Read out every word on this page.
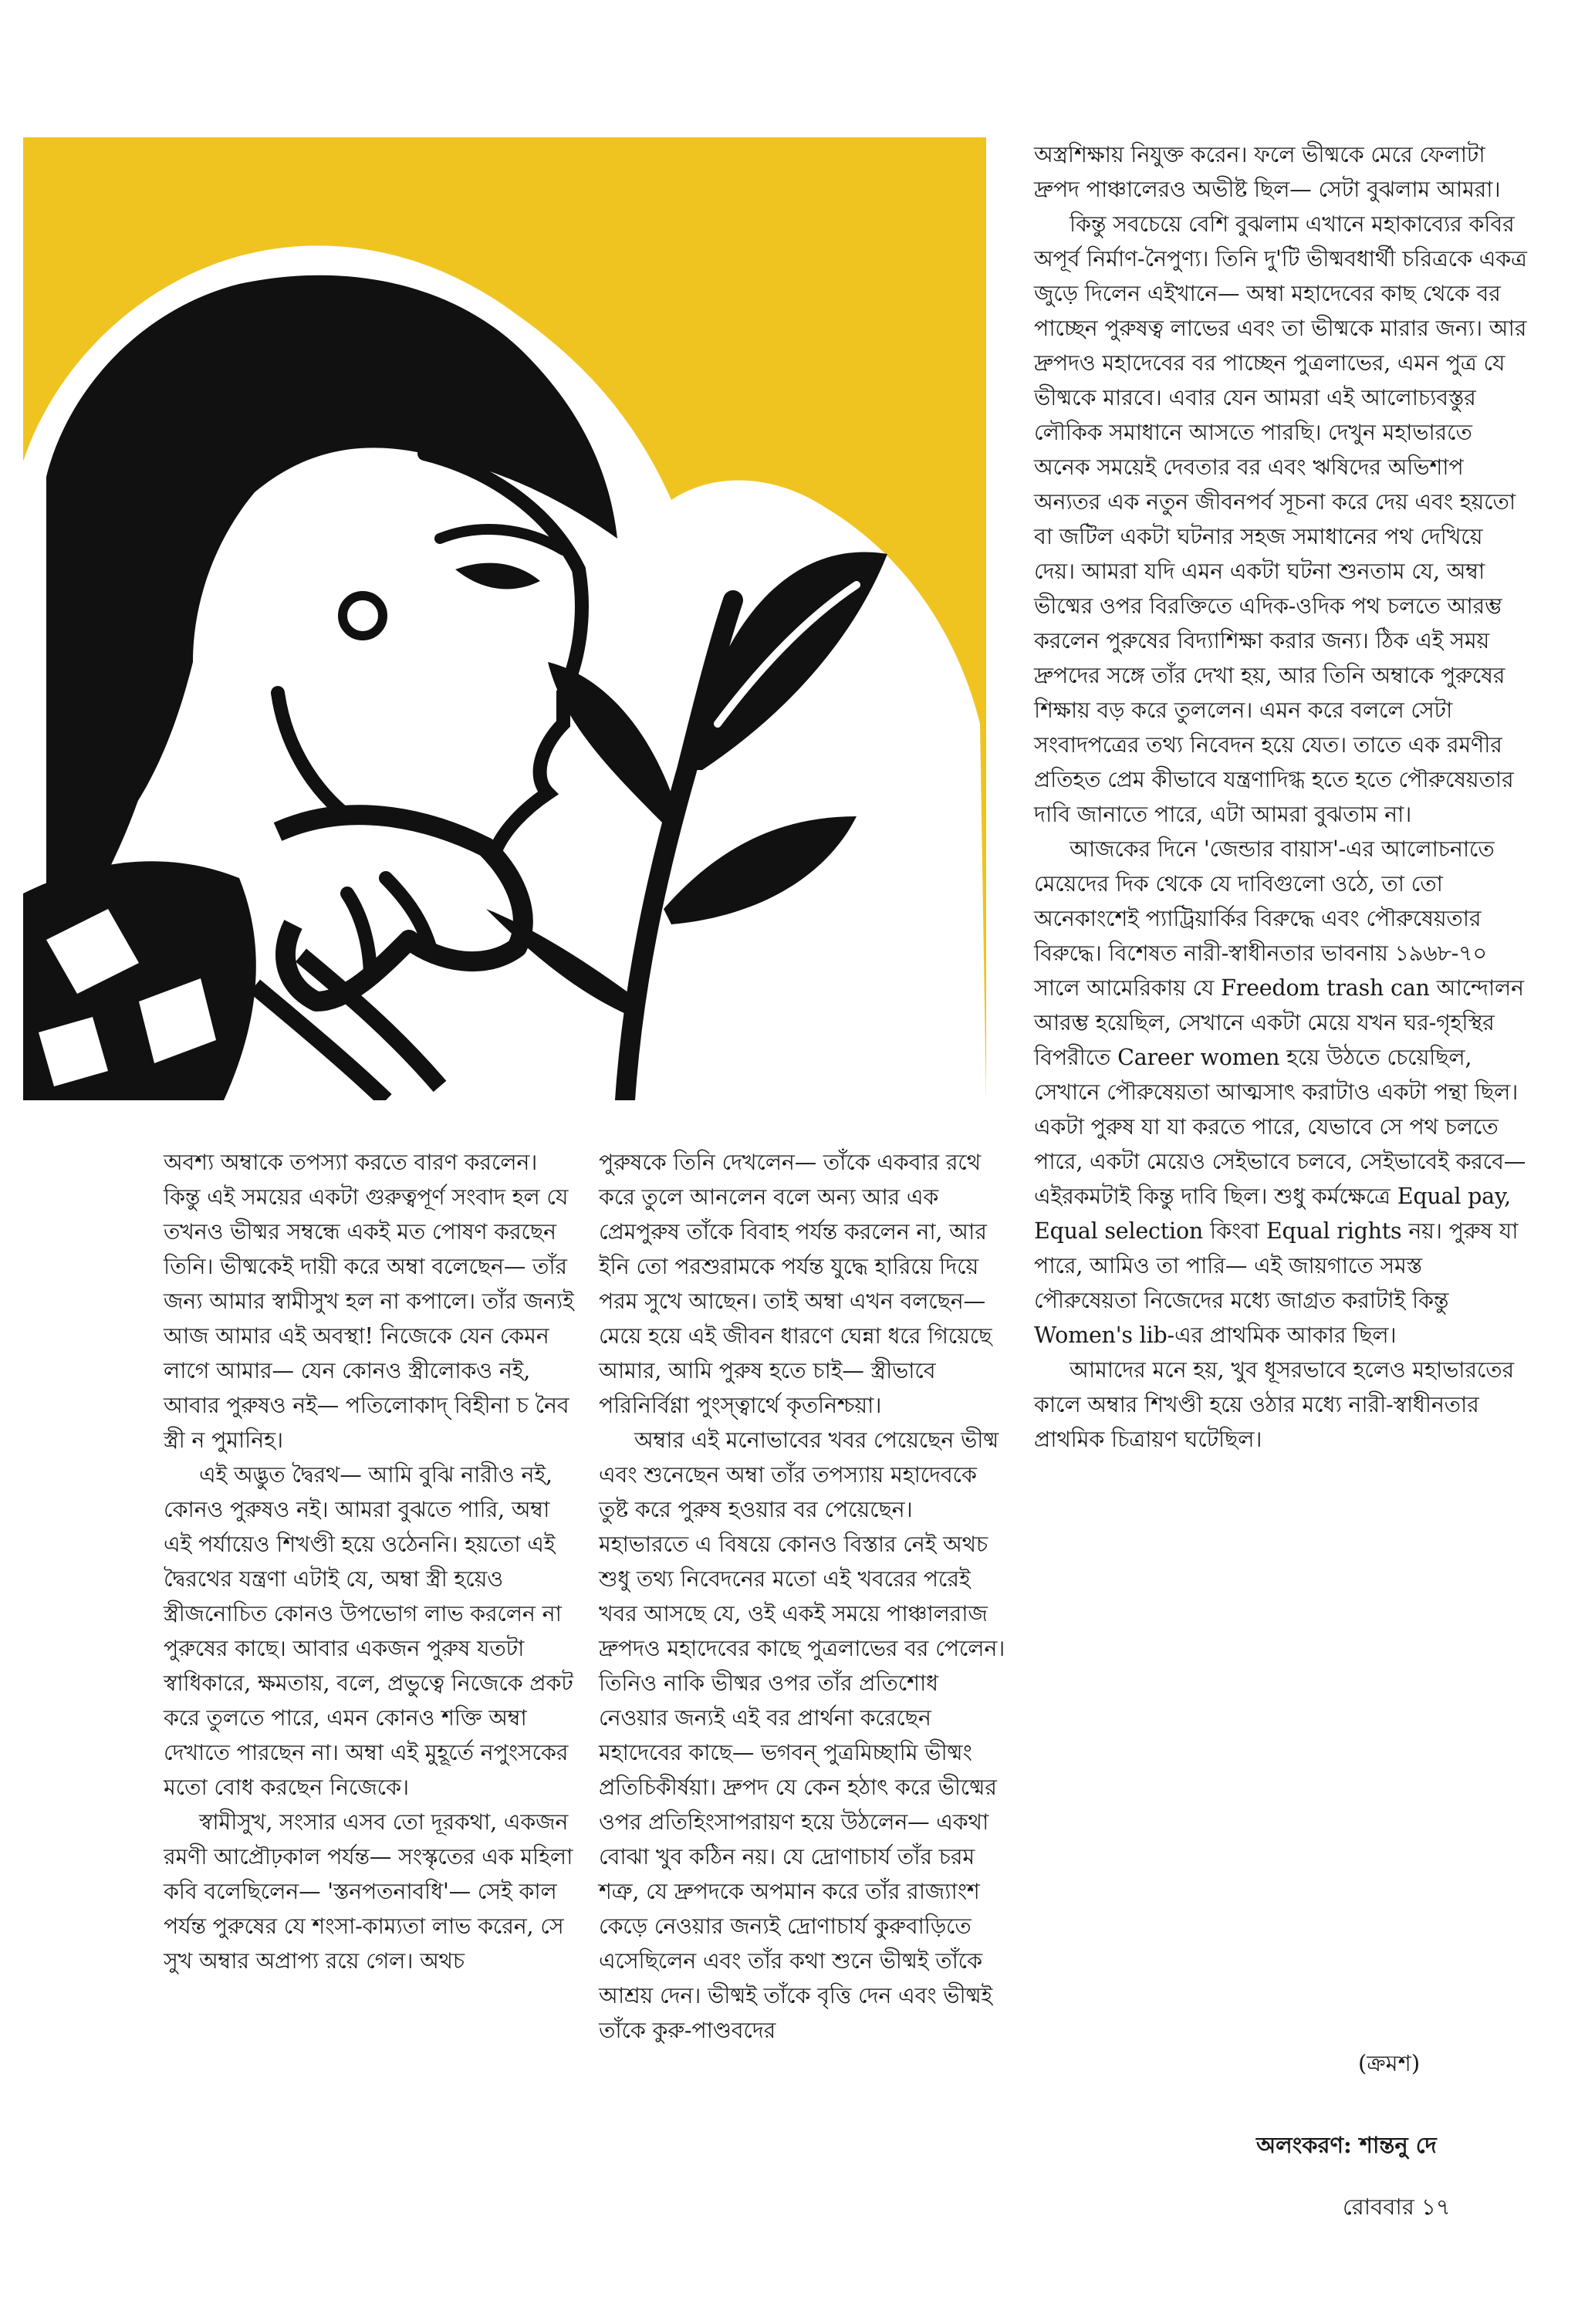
অস্ত্রশিক্ষায় নিযুক্ত করেন। ফলে ভীষ্মকে মেরে ফেলাটা দ্রুপদ পাঞ্চালেরও অভীষ্ট ছিল— সেটা বুঝলাম আমরা।

কিন্তু সবচেয়ে বেশি বুঝলাম এখানে মহাকাব্যের কবির অপূর্ব নির্মাণ-নৈপুণ্য। তিনি দু'টি ভীষ্মবধার্থী চরিত্রকে একত্র জুড়ে দিলেন এইখানে— অম্বা মহাদেবের কাছ থেকে বর পাচ্ছেন পুরুষত্ব লাভের এবং তা ভীষ্মকে মারার জন্য। আর দ্রুপদও মহাদেবের বর পাচ্ছেন পুত্রলাভের, এমন পুত্র যে ভীষ্মকে মারবে। এবার যেন আমরা এই আলোচ্যবস্তুর লৌকিক সমাধানে আসতে পারছি। দেখুন মহাভারতে অনেক সময়েই দেবতার বর এবং ঋষিদের অভিশাপ অন্যতর এক নতুন জীবনপর্ব সূচনা করে দেয় এবং হয়তো বা জটিল একটা ঘটনার সহজ সমাধানের পথ দেখিয়ে দেয়। আমরা যদি এমন একটা ঘটনা শুনতাম যে, অম্বা ভীষ্মের ওপর বিরক্তিতে এদিক-ওদিক পথ চলতে আরম্ভ করলেন পুরুষের বিদ্যাশিক্ষা করার জন্য। ঠিক এই সময় দ্রুপদের সঙ্গে তাঁর দেখা হয়, আর তিনি অম্বাকে পুরুষের শিক্ষায় বড় করে তুললেন। এমন করে বললে সেটা সংবাদপত্রের তথ্য নিবেদন হয়ে যেত। তাতে এক রমণীর প্রতিহত প্রেম কীভাবে যন্ত্রণাদিগ্ধ হতে হতে পৌরুষেয়তার দাবি জানাতে পারে, এটা আমরা বুঝতাম না।

আজকের দিনে 'জেন্ডার বায়াস'-এর আলোচনাতে মেয়েদের দিক থেকে যে দাবিগুলো ওঠে, তা তো অনেকাংশেই প্যাট্রিয়ার্কির বিরুদ্ধে এবং পৌরুষেয়তার বিরুদ্ধে। বিশেষত নারী-স্বাধীনতার ভাবনায় ১৯৬৮-৭০ সালে আমেরিকায় যে Freedom trash can আন্দোলন আরম্ভ হয়েছিল, সেখানে একটা মেয়ে যখন ঘর-গৃহস্থির বিপরীতে Career women হয়ে উঠতে চেয়েছিল, সেখানে পৌরুষেয়তা আত্মসাৎ করাটাও একটা পন্থা ছিল। একটা পুরুষ যা যা করতে পারে, যেভাবে সে পথ চলতে পারে, একটা মেয়েও সেইভাবে চলবে, সেইভাবেই করবে— এইরকমটাই কিন্তু দাবি ছিল। শুধু কর্মক্ষেত্রে Equal pay, Equal selection কিংবা Equal rights নয়। পুরুষ যা পারে, আমিও তা পারি— এই জায়গাতে সমস্ত পৌরুষেয়তা নিজেদের মধ্যে জাগ্রত করাটাই কিন্তু Women's lib-এর প্রাথমিক আকার ছিল।

আমাদের মনে হয়, খুব ধূসরভাবে হলেও মহাভারতের কালে অম্বার শিখণ্ডী হয়ে ওঠার মধ্যে নারী-স্বাধীনতার প্রাথমিক চিত্রায়ণ ঘটেছিল।

অবশ্য অম্বাকে তপস্যা করতে বারণ করলেন। কিন্তু এই সময়ের একটা গুরুত্বপূর্ণ সংবাদ হল যে তখনও ভীষ্মর সম্বন্ধে একই মত পোষণ করছেন তিনি। ভীষ্মকেই দায়ী করে অম্বা বলেছেন— তাঁর জন্য আমার স্বামীসুখ হল না কপালে। তাঁর জন্যই আজ আমার এই অবস্থা! নিজেকে যেন কেমন লাগে আমার— যেন কোনও স্ত্রীলোকও নই, আবার পুরুষও নই— পতিলোকাদ্ বিহীনা চ নৈব স্ত্রী ন পুমানিহ।

এই অদ্ভুত দ্বৈরথ— আমি বুঝি নারীও নই, কোনও পুরুষও নই। আমরা বুঝতে পারি, অম্বা এই পর্যায়েও শিখণ্ডী হয়ে ওঠেননি। হয়তো এই দ্বৈরথের যন্ত্রণা এটাই যে, অম্বা স্ত্রী হয়েও স্ত্রীজনোচিত কোনও উপভোগ লাভ করলেন না পুরুষের কাছে। আবার একজন পুরুষ যতটা স্বাধিকারে, ক্ষমতায়, বলে, প্রভুত্বে নিজেকে প্রকট করে তুলতে পারে, এমন কোনও শক্তি অম্বা দেখাতে পারছেন না। অম্বা এই মুহূর্তে নপুংসকের মতো বোধ করছেন নিজেকে।

স্বামীসুখ, সংসার এসব তো দূরকথা, একজন রমণী আপ্রৌঢ়কাল পর্যন্ত— সংস্কৃতের এক মহিলা কবি বলেছিলেন— 'স্তনপতনাবধি'— সেই কাল পর্যন্ত পুরুষের যে শংসা-কাম্যতা লাভ করেন, সে সুখ অম্বার অপ্রাপ্য রয়ে গেল। অথচ

পুরুষকে তিনি দেখলেন— তাঁকে একবার রথে করে তুলে আনলেন বলে অন্য আর এক প্রেমপুরুষ তাঁকে বিবাহ পর্যন্ত করলেন না, আর ইনি তো পরশুরামকে পর্যন্ত যুদ্ধে হারিয়ে দিয়ে পরম সুখে আছেন। তাই অম্বা এখন বলছেন— মেয়ে হয়ে এই জীবন ধারণে ঘেন্না ধরে গিয়েছে আমার, আমি পুরুষ হতে চাই— স্ত্রীভাবে পরিনির্বিণ্ণা পুংস্ত্বার্থে কৃতনিশ্চয়া।

অম্বার এই মনোভাবের খবর পেয়েছেন ভীষ্ম এবং শুনেছেন অম্বা তাঁর তপস্যায় মহাদেবকে তুষ্ট করে পুরুষ হওয়ার বর পেয়েছেন। মহাভারতে এ বিষয়ে কোনও বিস্তার নেই অথচ শুধু তথ্য নিবেদনের মতো এই খবরের পরেই খবর আসছে যে, ওই একই সময়ে পাঞ্চালরাজ দ্রুপদও মহাদেবের কাছে পুত্রলাভের বর পেলেন। তিনিও নাকি ভীষ্মর ওপর তাঁর প্রতিশোধ নেওয়ার জন্যই এই বর প্রার্থনা করেছেন মহাদেবের কাছে— ভগবন্ পুত্রমিচ্ছামি ভীষ্মং প্রতিচিকীর্ষয়া। দ্রুপদ যে কেন হঠাৎ করে ভীষ্মের ওপর প্রতিহিংসাপরায়ণ হয়ে উঠলেন— একথা বোঝা খুব কঠিন নয়। যে দ্রোণাচার্য তাঁর চরম শত্রু, যে দ্রুপদকে অপমান করে তাঁর রাজ্যাংশ কেড়ে নেওয়ার জন্যই দ্রোণাচার্য কুরুবাড়িতে এসেছিলেন এবং তাঁর কথা শুনে ভীষ্মই তাঁকে আশ্রয় দেন। ভীষ্মই তাঁকে বৃত্তি দেন এবং ভীষ্মই তাঁকে কুরু-পাণ্ডবদের

(ক্রমশ)
অলংকরণ: শান্তনু দে
রোববার ১৭
